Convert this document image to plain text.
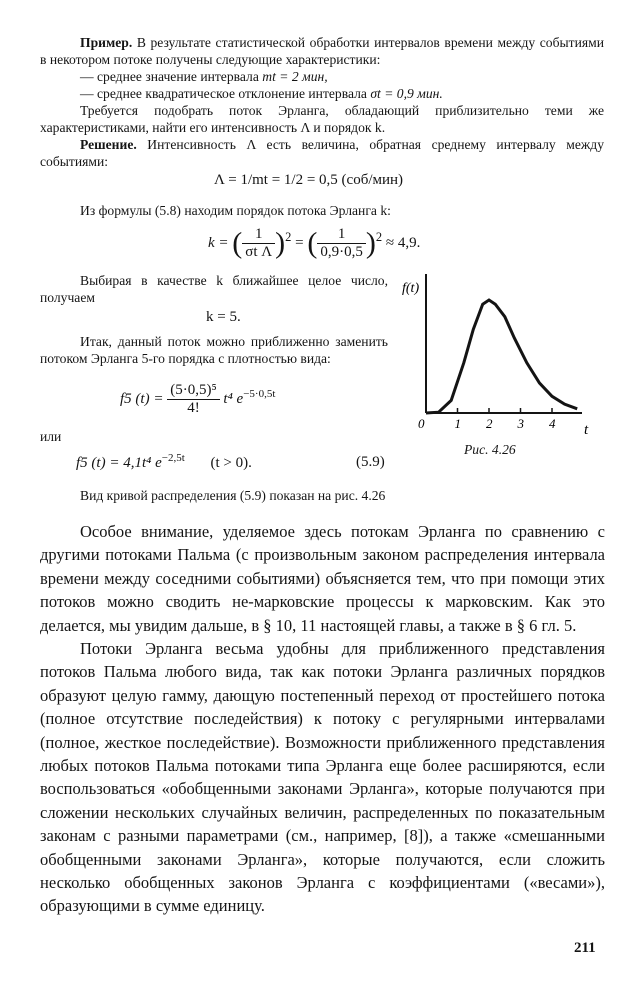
Пример. В результате статистической обработки интервалов времени между событиями в некотором потоке получены следующие характеристики:
— среднее значение интервала mt = 2 мин,
— среднее квадратическое отклонение интервала σt = 0,9 мин.
Требуется подобрать поток Эрланга, обладающий приблизительно теми же характеристиками, найти его интенсивность Λ и порядок k.
Решение. Интенсивность Λ есть величина, обратная среднему интервалу между событиями:
Λ = 1/mt = 1/2 = 0,5 (соб/мин)
Из формулы (5.8) находим порядок потока Эрланга k:
k = ( $\frac{1}{\text{σt Λ}} )^2$ = ( $\frac{1}{0,9\cdot 0,5} )^2 \approx 4,9$.
Выбирая в качестве k ближайшее целое число, получаем
k = 5.
Итак, данный поток можно приближенно заменить потоком Эрланга 5-го порядка с плотностью вида:
f5 $(t) = \frac{\text{(5·0,5)⁵}}{4!} t^4$ $e^{-5\cdot 0,5t}$
или
f5 (t) = 4,1t⁴ $e^{-2,5t}$ (t > 0).	(5.9)
Вид кривой распределения (5.9) показан на рис. 4.26
f(t)
t
0 1 2 3 4
Рис. 4.26
Особое внимание, уделяемое здесь потокам Эрланга по сравнению с другими потоками Пальма (с произвольным законом распределения интервала времени между соседними событиями) объясняется тем, что при помощи этих потоков можно сводить не-марковские процессы к марковским. Как это делается, мы увидим дальше, в § 10, 11 настоящей главы, а также в § 6 гл. 5.
Потоки Эрланга весьма удобны для приближенного представления потоков Пальма любого вида, так как потоки Эрланга различных порядков образуют целую гамму, дающую постепенный переход от простейшего потока (полное отсутствие последействия) к потоку с регулярными интервалами (полное, жесткое последействие). Возможности приближенного представления любых потоков Пальма потоками типа Эрланга еще более расширяются, если воспользоваться «обобщенными законами Эрланга», которые получаются при сложении нескольких случайных величин, распределенных по показательным законам с разными параметрами (см., например, [8]), а также «смешанными обобщенными законами Эрланга», которые получаются, если сложить несколько обобщенных законов Эрланга с коэффициентами («весами»), образующими в сумме единицу.
211
